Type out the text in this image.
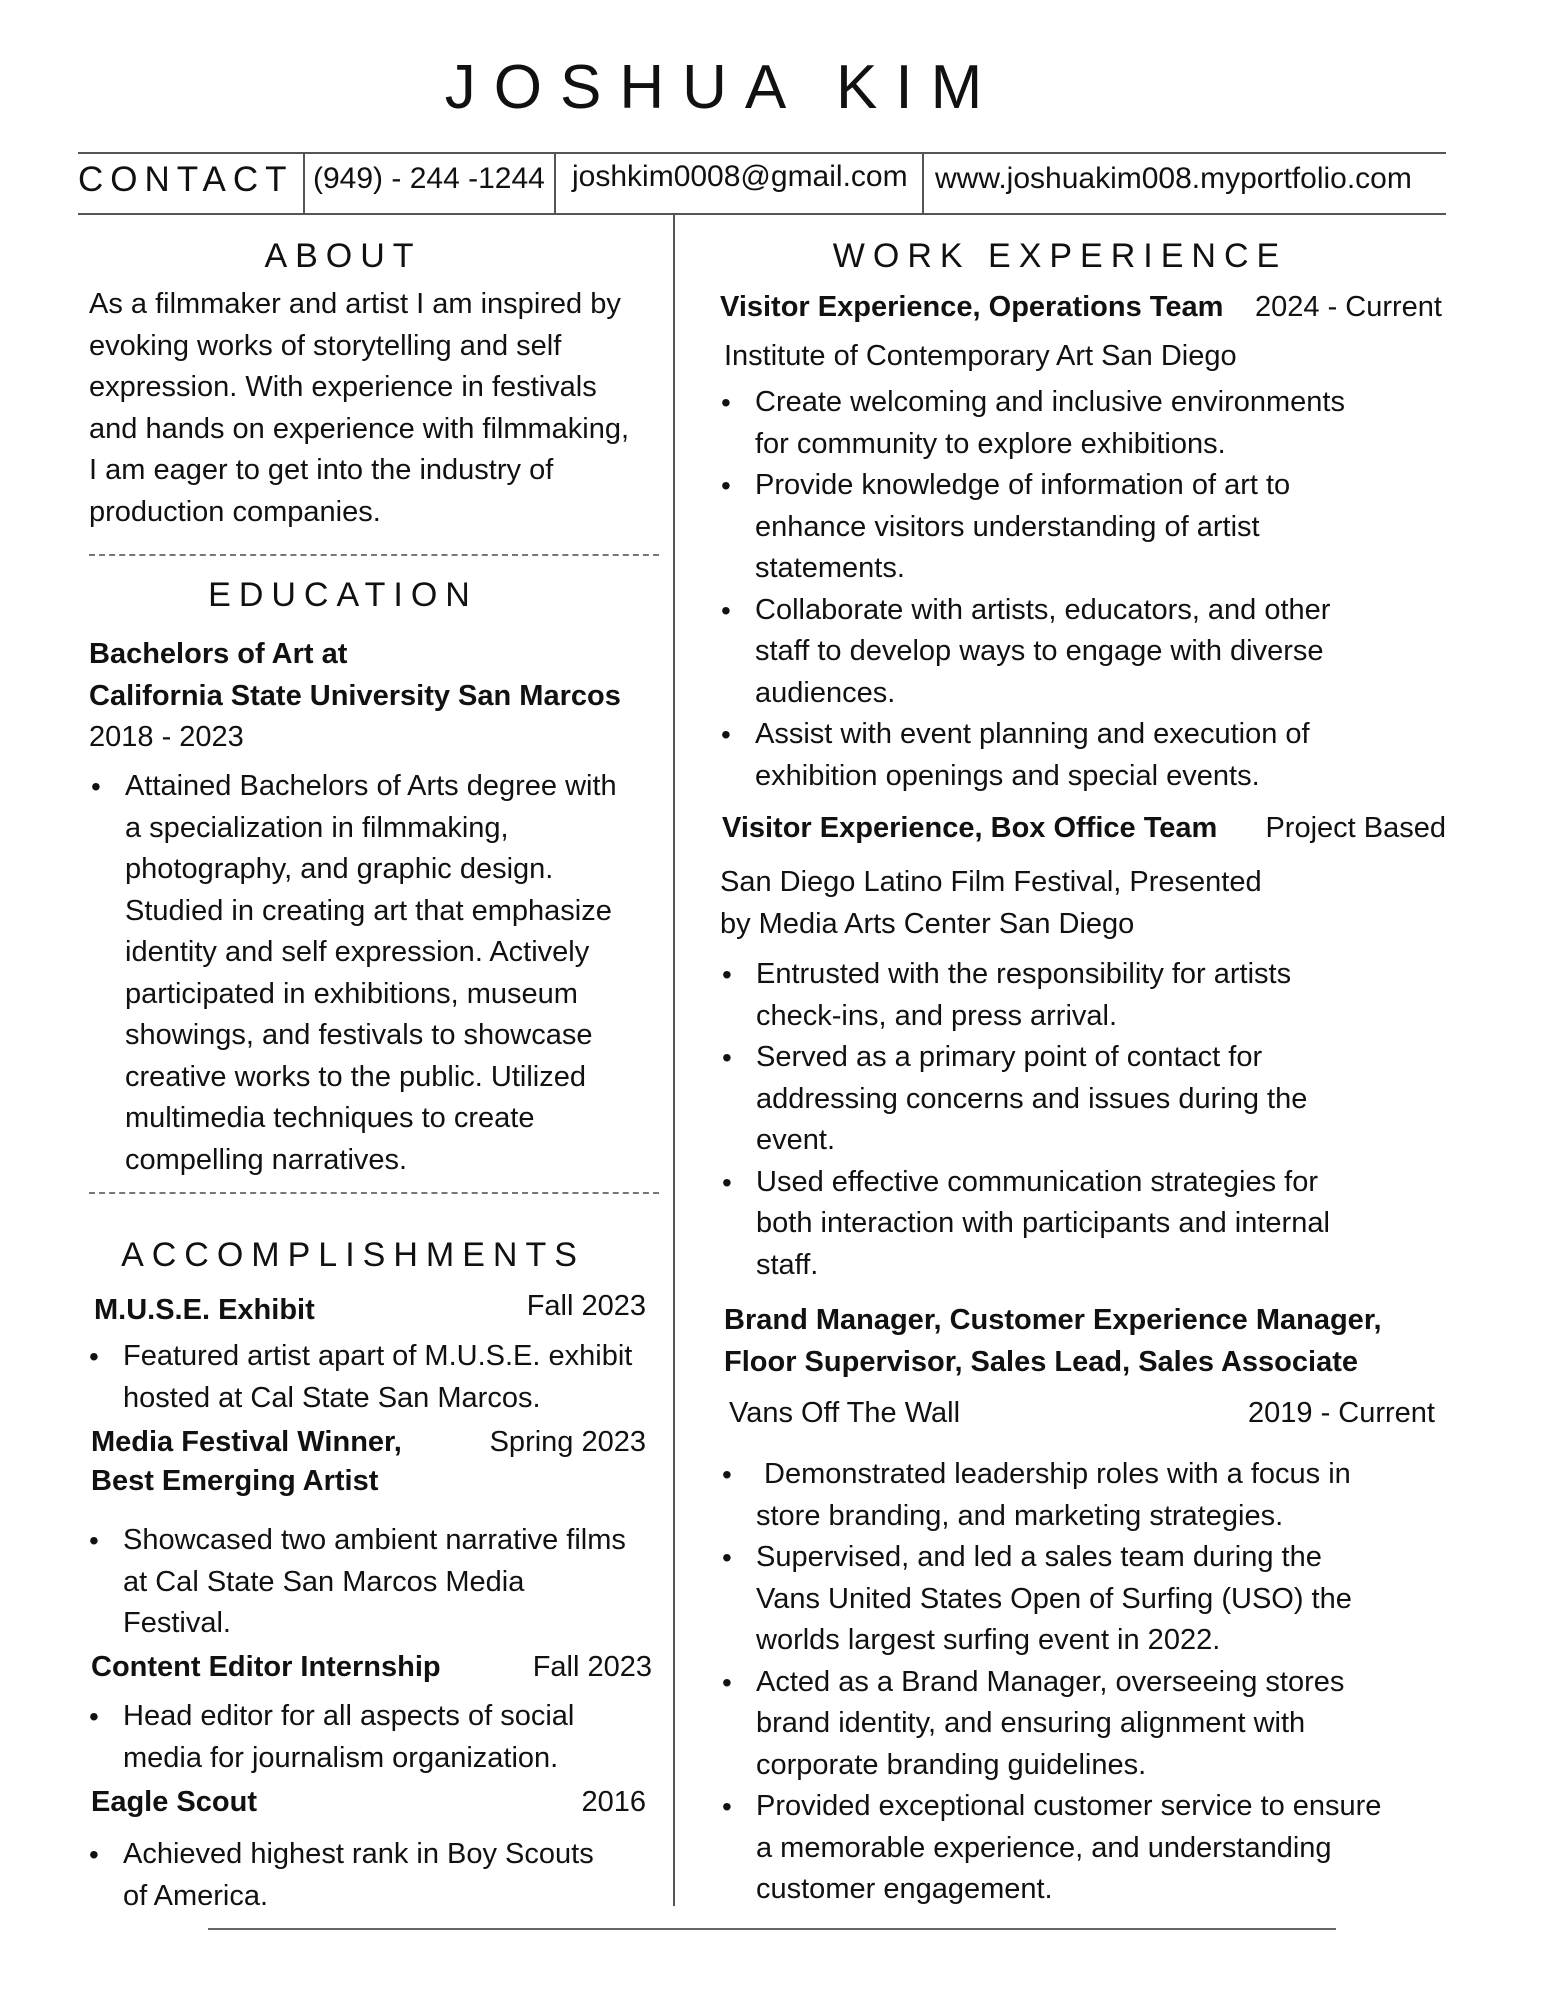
JOSHUA KIM
CONTACT (949) - 244 -1244 joshkim0008@gmail.com www.joshuakim008.myportfolio.com
ABOUT
As a filmmaker and artist I am inspired by
evoking works of storytelling and self
expression. With experience in festivals
and hands on experience with filmmaking,
I am eager to get into the industry of
production companies.
EDUCATION
Bachelors of Art at
California State University San Marcos
2018 - 2023
• Attained Bachelors of Arts degree with
a specialization in filmmaking,
photography, and graphic design.
Studied in creating art that emphasize
identity and self expression. Actively
participated in exhibitions, museum
showings, and festivals to showcase
creative works to the public. Utilized
multimedia techniques to create
compelling narratives.
ACCOMPLISHMENTS
M.U.S.E. Exhibit	Fall 2023
• Featured artist apart of M.U.S.E. exhibit
hosted at Cal State San Marcos.
Media Festival Winner,	Spring 2023
Best Emerging Artist
• Showcased two ambient narrative films
at Cal State San Marcos Media
Festival.
Content Editor Internship	Fall 2023
• Head editor for all aspects of social
media for journalism organization.
Eagle Scout	2016
• Achieved highest rank in Boy Scouts
of America.
WORK EXPERIENCE
Visitor Experience, Operations Team 2024 - Current
Institute of Contemporary Art San Diego
• Create welcoming and inclusive environments
for community to explore exhibitions.
• Provide knowledge of information of art to
enhance visitors understanding of artist
statements.
• Collaborate with artists, educators, and other
staff to develop ways to engage with diverse
audiences.
• Assist with event planning and execution of
exhibition openings and special events.
Visitor Experience, Box Office Team Project Based
San Diego Latino Film Festival, Presented
by Media Arts Center San Diego
• Entrusted with the responsibility for artists
check-ins, and press arrival.
• Served as a primary point of contact for
addressing concerns and issues during the
event.
• Used effective communication strategies for
both interaction with participants and internal
staff.
Brand Manager, Customer Experience Manager,
Floor Supervisor, Sales Lead, Sales Associate
Vans Off The Wall	2019 - Current
•  Demonstrated leadership roles with a focus in
store branding, and marketing strategies.
• Supervised, and led a sales team during the
Vans United States Open of Surfing (USO) the
worlds largest surfing event in 2022.
• Acted as a Brand Manager, overseeing stores
brand identity, and ensuring alignment with
corporate branding guidelines.
• Provided exceptional customer service to ensure
a memorable experience, and understanding
customer engagement.
